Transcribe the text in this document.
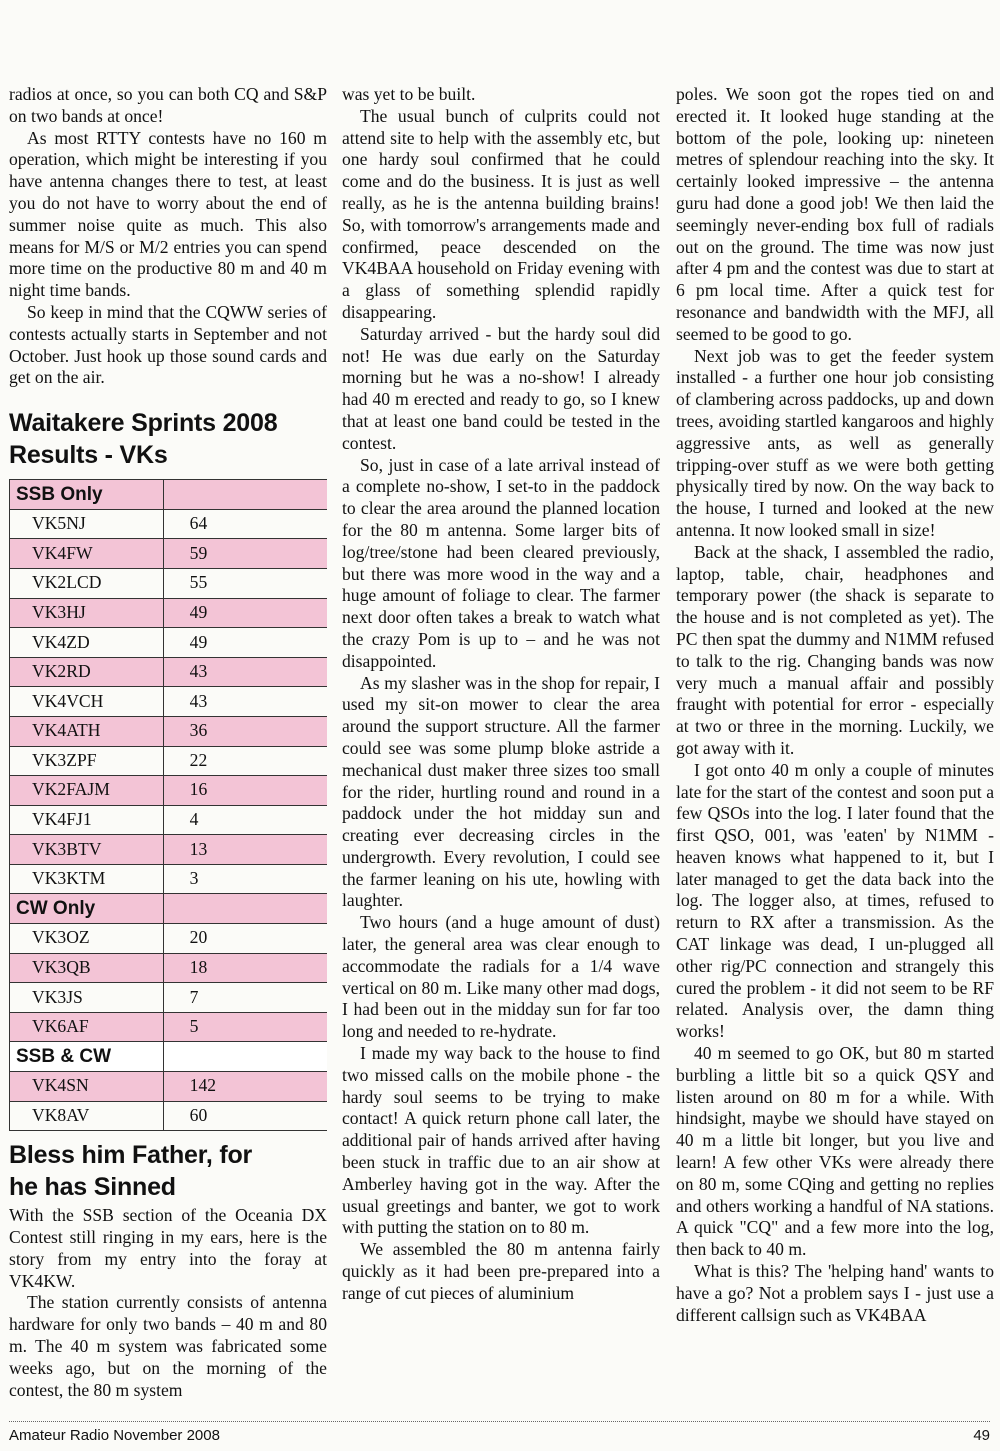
radios at once, so you can both CQ and S&P on two bands at once!

As most RTTY contests have no 160 m operation, which might be interesting if you have antenna changes there to test, at least you do not have to worry about the end of summer noise quite as much. This also means for M/S or M/2 entries you can spend more time on the productive 80 m and 40 m night time bands.

So keep in mind that the CQWW series of contests actually starts in September and not October. Just hook up those sound cards and get on the air.

Waitakere Sprints 2008
Results - VKs
SSB Only	
VK5NJ	64
VK4FW	59
VK2LCD	55
VK3HJ	49
VK4ZD	49
VK2RD	43
VK4VCH	43
VK4ATH	36
VK3ZPF	22
VK2FAJM	16
VK4FJ1	4
VK3BTV	13
VK3KTM	3
CW Only	
VK3OZ	20
VK3QB	18
VK3JS	7
VK6AF	5
SSB & CW	
VK4SN	142
VK8AV	60
Bless him Father, for
he has Sinned

With the SSB section of the Oceania DX Contest still ringing in my ears, here is the story from my entry into the foray at VK4KW.

The station currently consists of antenna hardware for only two bands – 40 m and 80 m. The 40 m system was fabricated some weeks ago, but on the morning of the contest, the 80 m system

was yet to be built.

The usual bunch of culprits could not attend site to help with the assembly etc, but one hardy soul confirmed that he could come and do the business. It is just as well really, as he is the antenna building brains! So, with tomorrow's arrangements made and confirmed, peace descended on the VK4BAA household on Friday evening with a glass of something splendid rapidly disappearing.

Saturday arrived - but the hardy soul did not! He was due early on the Saturday morning but he was a no-show! I already had 40 m erected and ready to go, so I knew that at least one band could be tested in the contest.

So, just in case of a late arrival instead of a complete no-show, I set-to in the paddock to clear the area around the planned location for the 80 m antenna. Some larger bits of log/tree/stone had been cleared previously, but there was more wood in the way and a huge amount of foliage to clear. The farmer next door often takes a break to watch what the crazy Pom is up to – and he was not disappointed.

As my slasher was in the shop for repair, I used my sit-on mower to clear the area around the support structure. All the farmer could see was some plump bloke astride a mechanical dust maker three sizes too small for the rider, hurtling round and round in a paddock under the hot midday sun and creating ever decreasing circles in the undergrowth. Every revolution, I could see the farmer leaning on his ute, howling with laughter.

Two hours (and a huge amount of dust) later, the general area was clear enough to accommodate the radials for a 1/4 wave vertical on 80 m. Like many other mad dogs, I had been out in the midday sun for far too long and needed to re-hydrate.

I made my way back to the house to find two missed calls on the mobile phone - the hardy soul seems to be trying to make contact! A quick return phone call later, the additional pair of hands arrived after having been stuck in traffic due to an air show at Amberley having got in the way. After the usual greetings and banter, we got to work with putting the station on to 80 m.

We assembled the 80 m antenna fairly quickly as it had been pre-prepared into a range of cut pieces of aluminium

poles. We soon got the ropes tied on and erected it. It looked huge standing at the bottom of the pole, looking up: nineteen metres of splendour reaching into the sky. It certainly looked impressive – the antenna guru had done a good job! We then laid the seemingly never-ending box full of radials out on the ground. The time was now just after 4 pm and the contest was due to start at 6 pm local time. After a quick test for resonance and bandwidth with the MFJ, all seemed to be good to go.

Next job was to get the feeder system installed - a further one hour job consisting of clambering across paddocks, up and down trees, avoiding startled kangaroos and highly aggressive ants, as well as generally tripping-over stuff as we were both getting physically tired by now. On the way back to the house, I turned and looked at the new antenna. It now looked small in size!

Back at the shack, I assembled the radio, laptop, table, chair, headphones and temporary power (the shack is separate to the house and is not completed as yet). The PC then spat the dummy and N1MM refused to talk to the rig. Changing bands was now very much a manual affair and possibly fraught with potential for error - especially at two or three in the morning. Luckily, we got away with it.

I got onto 40 m only a couple of minutes late for the start of the contest and soon put a few QSOs into the log. I later found that the first QSO, 001, was 'eaten' by N1MM - heaven knows what happened to it, but I later managed to get the data back into the log. The logger also, at times, refused to return to RX after a transmission. As the CAT linkage was dead, I un-plugged all other rig/PC connection and strangely this cured the problem - it did not seem to be RF related. Analysis over, the damn thing works!

40 m seemed to go OK, but 80 m started burbling a little bit so a quick QSY and listen around on 80 m for a while. With hindsight, maybe we should have stayed on 40 m a little bit longer, but you live and learn! A few other VKs were already there on 80 m, some CQing and getting no replies and others working a handful of NA stations. A quick "CQ" and a few more into the log, then back to 40 m.

What is this? The 'helping hand' wants to have a go? Not a problem says I - just use a different callsign such as VK4BAA

Amateur Radio November 2008	49
